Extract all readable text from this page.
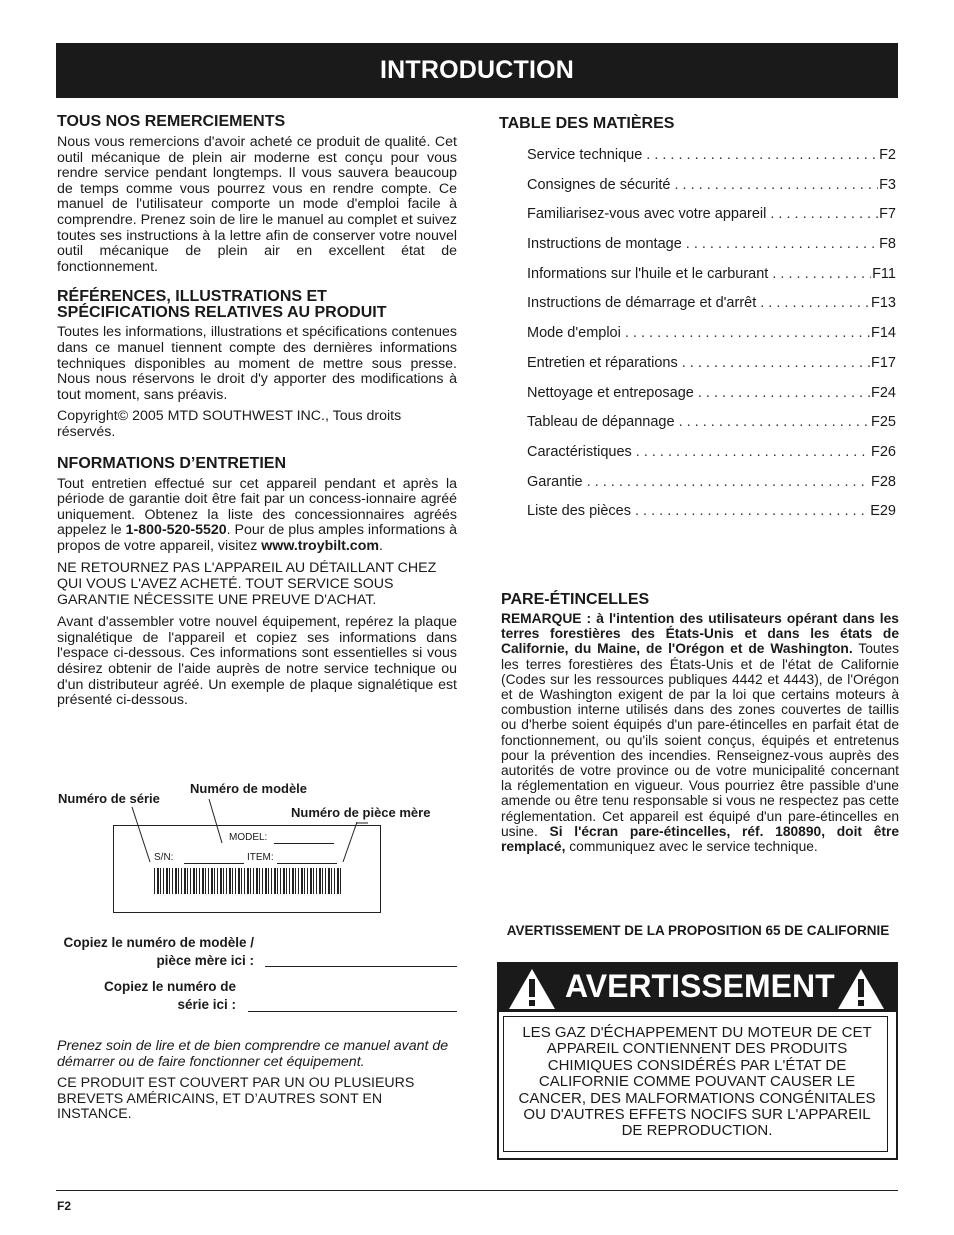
INTRODUCTION
TOUS NOS REMERCIEMENTS

Nous vous remercions d'avoir acheté ce produit de qualité. Cet outil mécanique de plein air moderne est conçu pour vous rendre service pendant longtemps. Il vous sauvera beaucoup de temps comme vous pourrez vous en rendre compte. Ce manuel de l'utilisateur comporte un mode d'emploi facile à comprendre. Prenez soin de lire le manuel au complet et suivez toutes ses instructions à la lettre afin de conserver votre nouvel outil mécanique de plein air en excellent état de fonctionnement.

RÉFÉRENCES, ILLUSTRATIONS ET SPÉCIFICATIONS RELATIVES AU PRODUIT

Toutes les informations, illustrations et spécifications contenues dans ce manuel tiennent compte des dernières informations techniques disponibles au moment de mettre sous presse. Nous nous réservons le droit d'y apporter des modifications à tout moment, sans préavis.

Copyright© 2005 MTD SOUTHWEST INC., Tous droits réservés.

NFORMATIONS D’ENTRETIEN

Tout entretien effectué sur cet appareil pendant et après la période de garantie doit être fait par un concess-ionnaire agréé uniquement. Obtenez la liste des concessionnaires agréés appelez le 1-800-520-5520. Pour de plus amples informations à propos de votre appareil, visitez www.troybilt.com.

NE RETOURNEZ PAS L'APPAREIL AU DÉTAILLANT CHEZ QUI VOUS L'AVEZ ACHETÉ. TOUT SERVICE SOUS GARANTIE NÉCESSITE UNE PREUVE D'ACHAT.

Avant d'assembler votre nouvel équipement, repérez la plaque signalétique de l'appareil et copiez ses informations dans l'espace ci-dessous. Ces informations sont essentielles si vous désirez obtenir de l'aide auprès de notre service technique ou d'un distributeur agréé. Un exemple de plaque signalétique est présenté ci-dessous.

Numéro de modèle
Numéro de série
Numéro de pièce mère
MODEL:
S/N:	ITEM:
Copiez le numéro de modèle / pièce mère ici :
Copiez le numéro de série ici :

Prenez soin de lire et de bien comprendre ce manuel avant de démarrer ou de faire fonctionner cet équipement.

CE PRODUIT EST COUVERT PAR UN OU PLUSIEURS BREVETS AMÉRICAINS, ET D’AUTRES SONT EN INSTANCE.

TABLE DES MATIÈRES
Service technique . . .	F2
Consignes de sécurité . . .	F3
Familiarisez-vous avec votre appareil . . .	F7
Instructions de montage . . .	F8
Informations sur l'huile et le carburant . . .	F11
Instructions de démarrage et d'arrêt . . .	F13
Mode d'emploi . . .	F14
Entretien et réparations . . .	F17
Nettoyage et entreposage . . .	F24
Tableau de dépannage . . .	F25
Caractéristiques . . .	F26
Garantie . . .	F28
Liste des pièces . . .	E29
PARE-ÉTINCELLES

REMARQUE : à l'intention des utilisateurs opérant dans les terres forestières des États-Unis et dans les états de Californie, du Maine, de l'Orégon et de Washington. Toutes les terres forestières des États-Unis et de l'état de Californie (Codes sur les ressources publiques 4442 et 4443), de l'Orégon et de Washington exigent de par la loi que certains moteurs à combustion interne utilisés dans des zones couvertes de taillis ou d'herbe soient équipés d'un pare-étincelles en parfait état de fonctionnement, ou qu'ils soient conçus, équipés et entretenus pour la prévention des incendies. Renseignez-vous auprès des autorités de votre province ou de votre municipalité concernant la réglementation en vigueur. Vous pourriez être passible d'une amende ou être tenu responsable si vous ne respectez pas cette réglementation. Cet appareil est équipé d'un pare-étincelles en usine. Si l'écran pare-étincelles, réf. 180890, doit être remplacé, communiquez avec le service technique.

AVERTISSEMENT DE LA PROPOSITION 65 DE CALIFORNIE
AVERTISSEMENT
LES GAZ D'ÉCHAPPEMENT DU MOTEUR DE CET APPAREIL CONTIENNENT DES PRODUITS CHIMIQUES CONSIDÉRÉS PAR L'ÉTAT DE CALIFORNIE COMME POUVANT CAUSER LE CANCER, DES MALFORMATIONS CONGÉNITALES OU D'AUTRES EFFETS NOCIFS SUR L'APPAREIL DE REPRODUCTION.
F2
